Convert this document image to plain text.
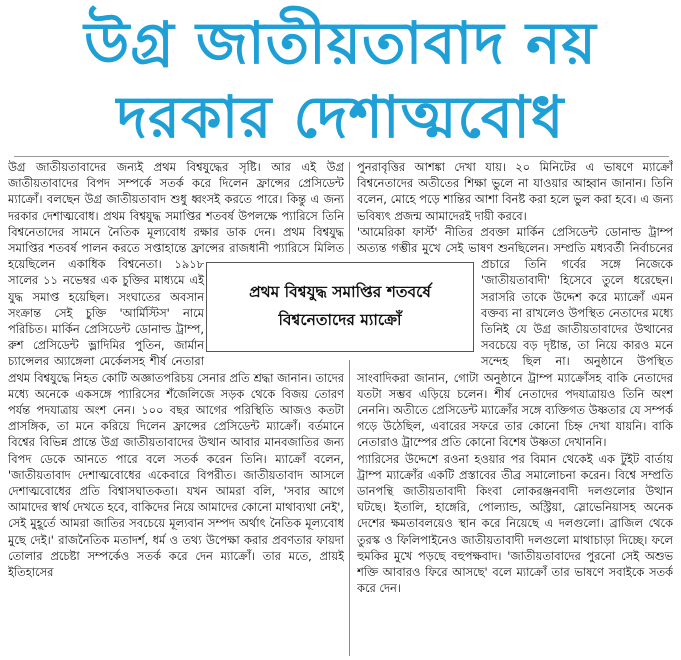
উগ্র জাতীয়তাবাদ নয়
দরকার দেশাত্মবোধ

উগ্র জাতীয়তাবাদের জন্যই প্রথম বিশ্বযুদ্ধের সৃষ্টি। আর এই উগ্র জাতীয়তাবাদের বিপদ সম্পর্কে সতর্ক করে দিলেন ফ্রান্সের প্রেসিডেন্ট ম্যাক্রোঁ। বলছেন উগ্র জাতীয়তাবাদ শুধু ধ্বংসই করতে পারে। কিন্তু এ জন্য দরকার দেশাত্মবোধ। প্রথম বিশ্বযুদ্ধ সমাপ্তির শতবর্ষ উপলক্ষে প্যারিসে তিনি বিশ্বনেতাদের সামনে নৈতিক মূল্যবোধ রক্ষার ডাক দেন। প্রথম বিশ্বযুদ্ধ সমাপ্তির শতবর্ষ পালন করতে সপ্তাহান্তে ফ্রান্সের রাজধানী প্যারিসে মিলিত হয়েছিলেন একাধিক বিশ্বনেতা। ১৯১৮ সালের ১১ নভেম্বর এক চুক্তির মাধ্যমে এই যুদ্ধ সমাপ্ত হয়েছিল। সংঘাতের অবসান সংক্রান্ত সেই চুক্তি 'আর্মিস্টিস' নামে পরিচিত। মার্কিন প্রেসিডেন্ট ডোনাল্ড ট্রাম্প, রুশ প্রেসিডেন্ট ভ্লাদিমির পুতিন, জার্মান চ্যান্সেলর অ্যাঙ্গেলা মের্কেলসহ শীর্ষ নেতারা প্রথম বিশ্বযুদ্ধে নিহত কোটি অজ্ঞাতপরিচয় সেনার প্রতি শ্রদ্ধা জানান। তাদের মধ্যে অনেকে একসঙ্গে প্যারিসের শঁজেলিজে সড়ক থেকে বিজয় তোরণ পর্যন্ত পদযাত্রায় অংশ নেন। ১০০ বছর আগের পরিস্থিতি আজও কতটা প্রাসঙ্গিক, তা মনে করিয়ে দিলেন ফ্রান্সের প্রেসিডেন্ট ম্যাক্রোঁ। বর্তমানে বিশ্বের বিভিন্ন প্রান্তে উগ্র জাতীয়তাবাদের উত্থান আবার মানবজাতির জন্য বিপদ ডেকে আনতে পারে বলে সতর্ক করেন তিনি। ম্যাক্রোঁ বলেন, 'জাতীয়তাবাদ দেশাত্মবোধের একেবারে বিপরীত। জাতীয়তাবাদ আসলে দেশাত্মবোধের প্রতি বিশ্বাসঘাতকতা। যখন আমরা বলি, 'সবার আগে আমাদের স্বার্থ দেখতে হবে, বাকিদের নিয়ে আমাদের কোনো মাথাব্যথা নেই', সেই মুহূর্তে আমরা জাতির সবচেয়ে মূল্যবান সম্পদ অর্থাৎ নৈতিক মূল্যবোধ মুছে দেই।' রাজনৈতিক মতাদর্শ, ধর্ম ও তথ্য উপেক্ষা করার প্রবণতার ফায়দা তোলার প্রচেষ্টা সম্পর্কেও সতর্ক করে দেন ম্যাক্রোঁ। তার মতে, প্রায়ই ইতিহাসের

পুনরাবৃত্তির আশঙ্কা দেখা যায়। ২০ মিনিটের এ ভাষণে ম্যাক্রোঁ বিশ্বনেতাদের অতীতের শিক্ষা ভুলে না যাওয়ার আহ্বান জানান। তিনি বলেন, মোহে পড়ে শান্তির আশা বিনষ্ট করা হলে ভুল করা হবে। এ জন্য ভবিষ্যৎ প্রজন্ম আমাদেরই দায়ী করবে।

'আমেরিকা ফার্স্ট' নীতির প্রবক্তা মার্কিন প্রেসিডেন্ট ডোনাল্ড ট্রাম্প অত্যন্ত গম্ভীর মুখে সেই ভাষণ শুনছিলেন। সম্প্রতি মধ্যবর্তী নির্বাচনের প্রচারে তিনি গর্বের সঙ্গে নিজেকে 'জাতীয়তাবাদী' হিসেবে তুলে ধরেছেন। সরাসরি তাকে উদ্দেশ করে ম্যাক্রোঁ এমন বক্তব্য না রাখলেও উপস্থিত নেতাদের মধ্যে তিনিই যে উগ্র জাতীয়তাবাদের উত্থানের সবচেয়ে বড় দৃষ্টান্ত, তা নিয়ে কারও মনে সন্দেহ ছিল না। অনুষ্ঠানে উপস্থিত সাংবাদিকরা জানান, গোটা অনুষ্ঠানে ট্রাম্প ম্যাক্রোঁসহ বাকি নেতাদের যতটা সম্ভব এড়িয়ে চলেন। শীর্ষ নেতাদের পদযাত্রায়ও তিনি অংশ নেননি। অতীতে প্রেসিডেন্ট ম্যাক্রোঁর সঙ্গে ব্যক্তিগত উষ্ণতার যে সম্পর্ক গড়ে উঠেছিল, এবারের সফরে তার কোনো চিহ্ন দেখা যায়নি। বাকি নেতারাও ট্রাম্পের প্রতি কোনো বিশেষ উষ্ণতা দেখাননি।

প্যারিসের উদ্দেশে রওনা হওয়ার পর বিমান থেকেই এক টুইট বার্তায় ট্রাম্প ম্যাক্রোঁর একটি প্রস্তাবের তীব্র সমালোচনা করেন। বিশ্বে সম্প্রতি ডানপন্থি জাতীয়তাবাদী কিংবা লোকরঞ্জনবাদী দলগুলোর উত্থান ঘটছে। ইতালি, হাঙ্গেরি, পোল্যান্ড, অস্ট্রিয়া, স্লোভেনিয়াসহ অনেক দেশের ক্ষমতাবলয়েও স্থান করে নিয়েছে এ দলগুলো। ব্রাজিল থেকে তুরস্ক ও ফিলিপাইনেও জাতীয়তাবাদী দলগুলো মাথাচাড়া দিচ্ছে। ফলে হুমকির মুখে পড়ছে বহুপক্ষবাদ। 'জাতীয়তাবাদের পুরনো সেই অশুভ শক্তি আবারও ফিরে আসছে' বলে ম্যাক্রোঁ তার ভাষণে সবাইকে সতর্ক করে দেন।

প্রথম বিশ্বযুদ্ধ সমাপ্তির শতবর্ষে
বিশ্বনেতাদের ম্যাক্রোঁ
